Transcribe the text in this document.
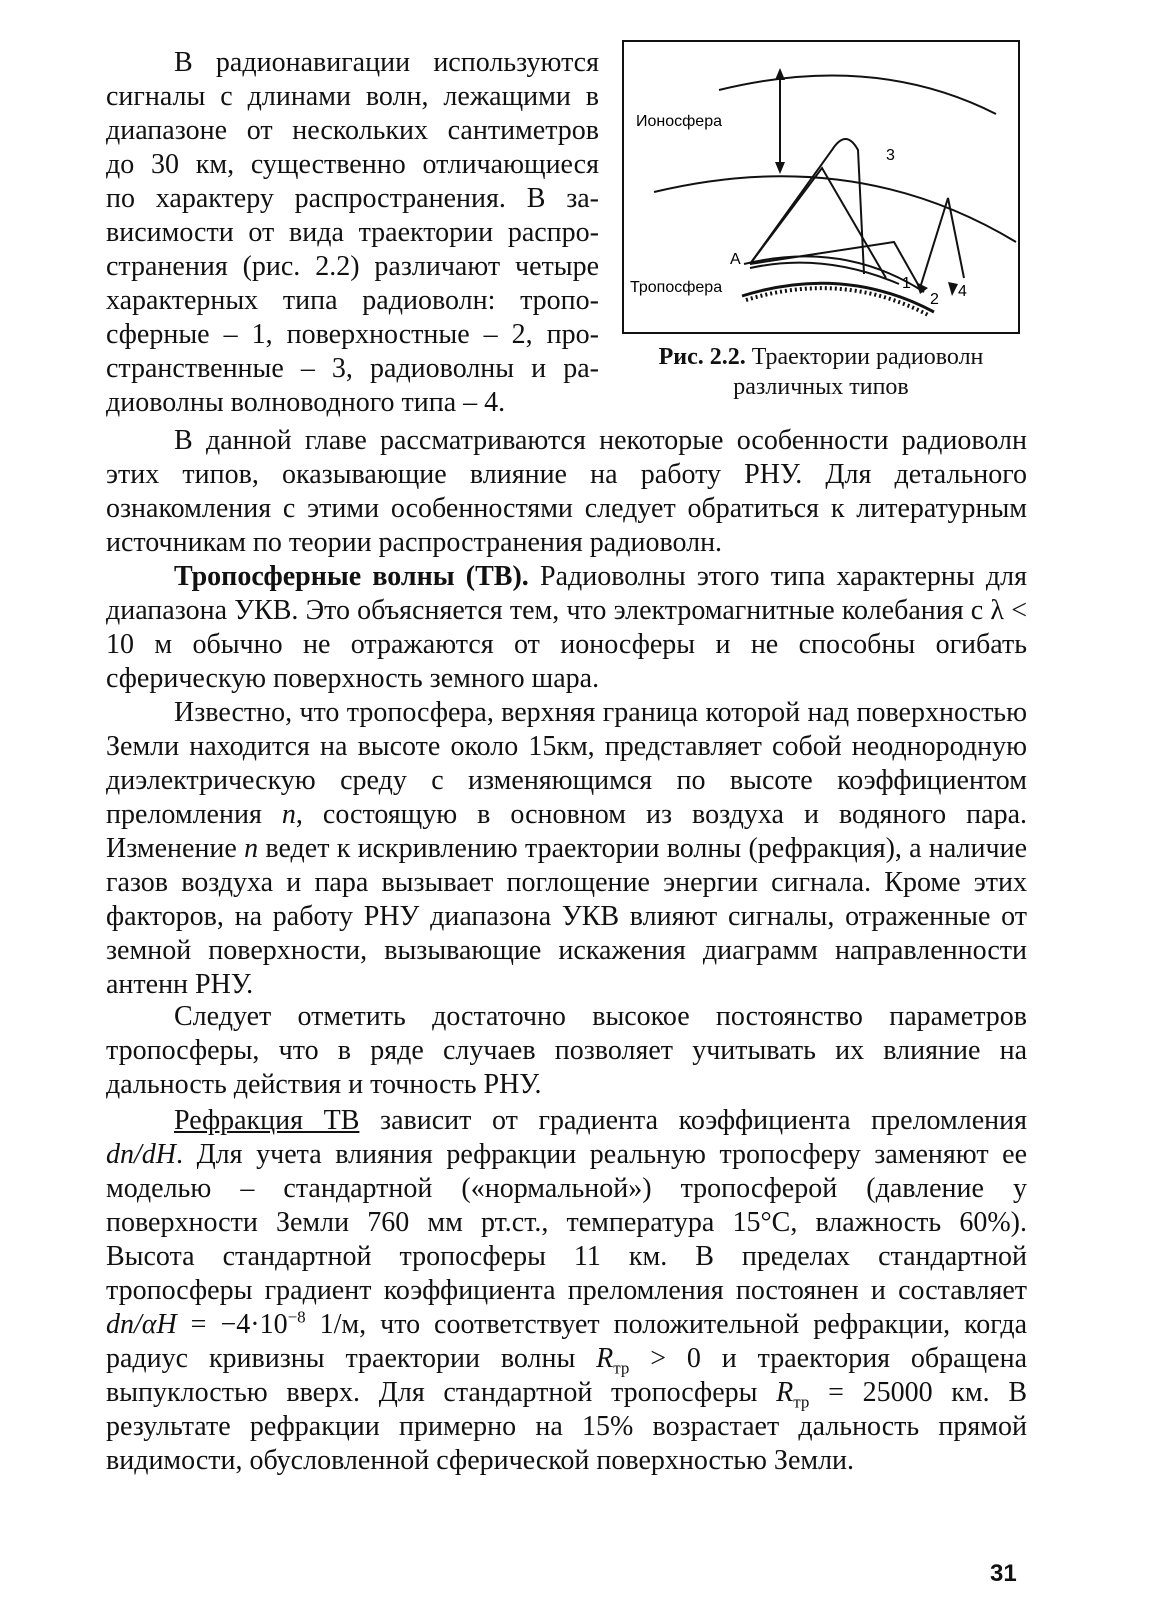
В радионавигации используются
сигналы с длинами волн, лежащими в
диапазоне от нескольких сантиметров
до 30 км, существенно отличающиеся
по характеру распространения. В за-
висимости от вида траектории распро-
странения (рис. 2.2) различают четыре
характерных типа радиоволн: тропо-
сферные – 1, поверхностные – 2, про-
странственные – 3, радиоволны и ра-
диоволны волноводного типа – 4.
Ионосфера
Тропосфера
A
1
2
3
4
Рис. 2.2. Траектории радиоволн различных типов

В данной главе рассматриваются некоторые особенности радиоволн этих типов, оказывающие влияние на работу РНУ. Для детального ознакомления с этими особенностями следует обратиться к литературным источникам по теории распространения радиоволн.

Тропосферные волны (ТВ). Радиоволны этого типа характерны для диапазона УКВ. Это объясняется тем, что электромагнитные колебания с λ < 10 м обычно не отражаются от ионосферы и не способны огибать сферическую поверхность земного шара.

Известно, что тропосфера, верхняя граница которой над поверхностью Земли находится на высоте около 15км, представляет собой неоднородную диэлектрическую среду с изменяющимся по высоте коэффициентом преломления n, состоящую в основном из воздуха и водяного пара. Изменение n ведет к искривлению траектории волны (рефракция), а наличие газов воздуха и пара вызывает поглощение энергии сигнала. Кроме этих факторов, на работу РНУ диапазона УКВ влияют сигналы, отраженные от земной поверхности, вызывающие искажения диаграмм направленности антенн РНУ.

Следует отметить достаточно высокое постоянство параметров тропосферы, что в ряде случаев позволяет учитывать их влияние на дальность действия и точность РНУ.

Рефракция ТВ зависит от градиента коэффициента преломления dn/dH. Для учета влияния рефракции реальную тропосферу заменяют ее моделью – стандартной («нормальной») тропосферой (давление у поверхности Земли 760 мм рт.ст., температура 15°С, влажность 60%). Высота стандартной тропосферы 11 км. В пределах стандартной тропосферы градиент коэффициента преломления постоянен и составляет $dn/\alpha H = -4\cdot 10^{-8}$ 1/м, что соответствует положительной рефракции, когда радиус кривизны траектории волны $R_{тр} > 0$ и траектория обращена выпуклостью вверх. Для стандартной тропосферы $R_{тр} = 25000$ км. В результате рефракции примерно на 15% возрастает дальность прямой видимости, обусловленной сферической поверхностью Земли.

31
